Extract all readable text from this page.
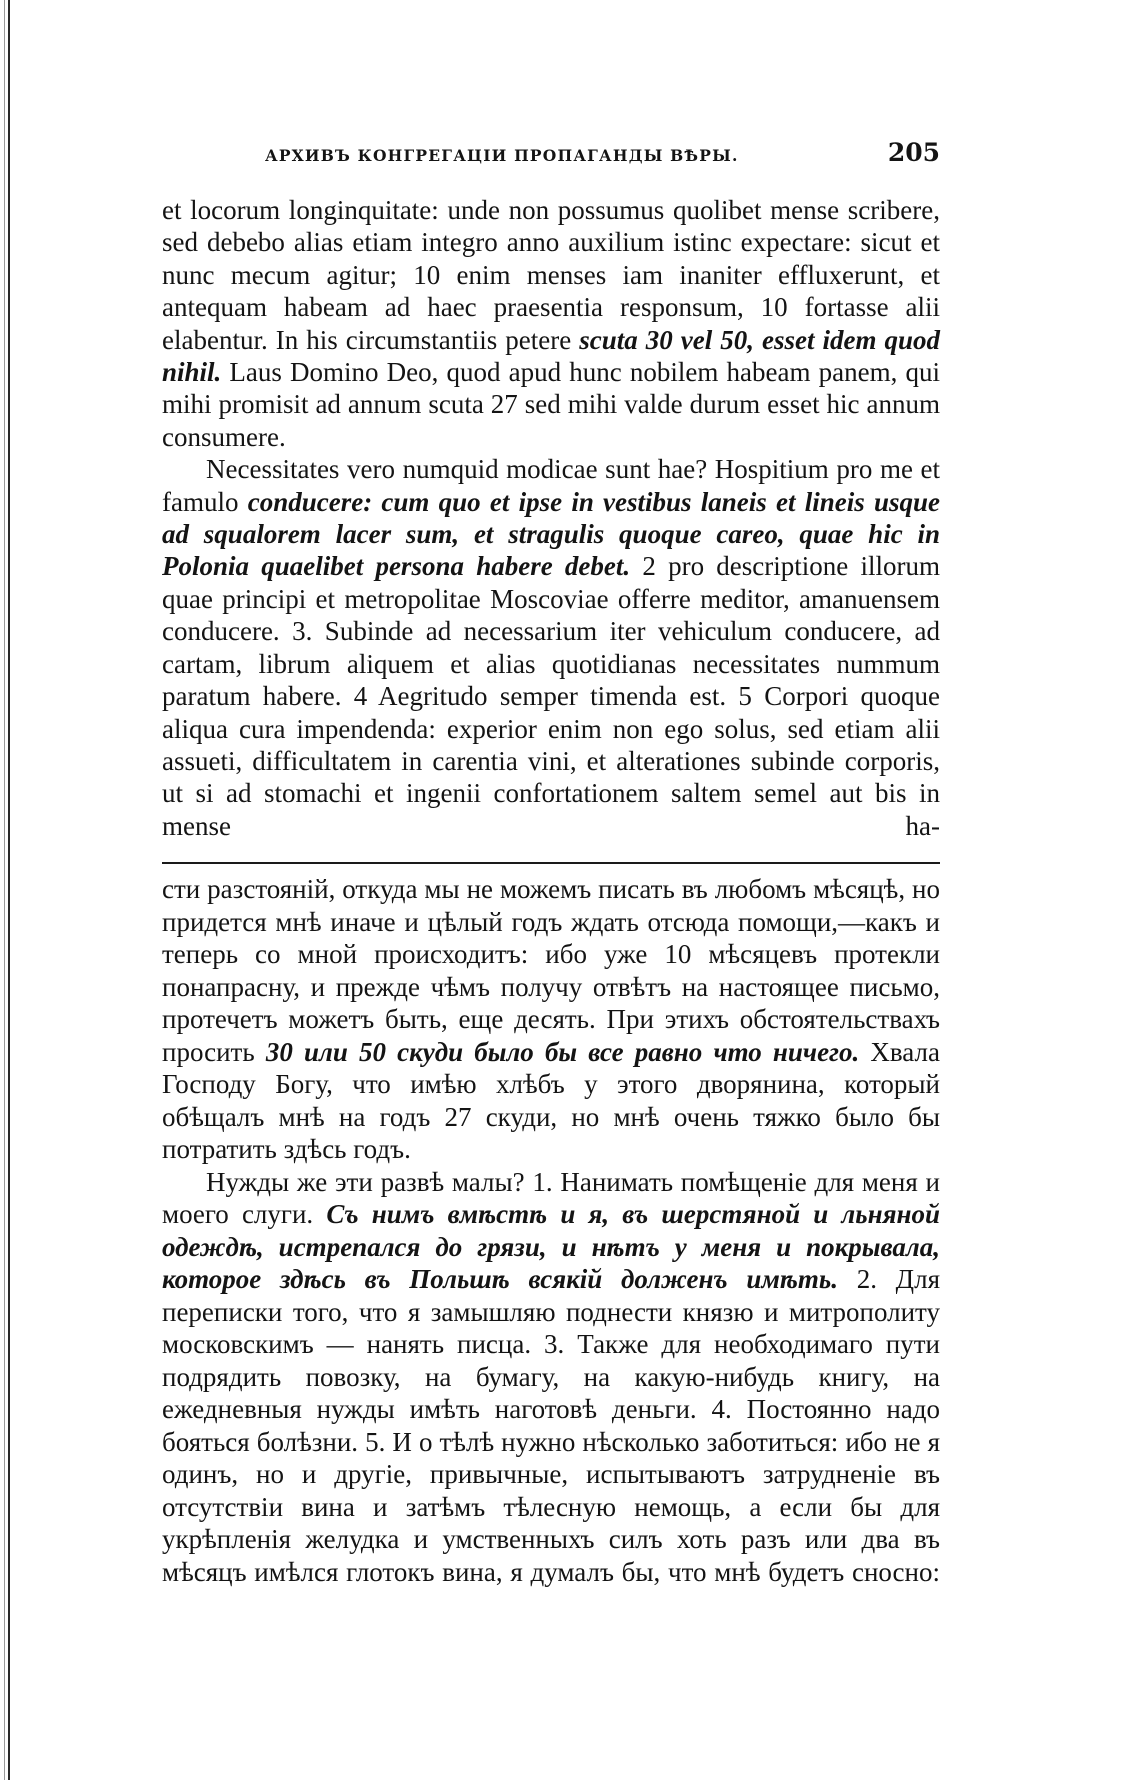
АРХИВЪ КОНГРЕГАЦІИ ПРОПАГАНДЫ ВѢРЫ.	205

et locorum longinquitate: unde non possumus quolibet mense scribere, sed debebo alias etiam integro anno auxilium istinc expectare: sicut et nunc mecum agitur; 10 enim menses iam inaniter effluxerunt, et antequam habeam ad haec praesentia responsum, 10 fortasse alii elabentur. In his circumstantiis petere scuta 30 vel 50, esset idem quod nihil. Laus Domino Deo, quod apud hunc nobilem habeam panem, qui mihi promisit ad annum scuta 27 sed mihi valde durum esset hic annum consumere.

Necessitates vero numquid modicae sunt hae? Hospitium pro me et famulo conducere: cum quo et ipse in vestibus laneis et lineis usque ad squalorem lacer sum, et stragulis quoque careo, quae hic in Polonia quaelibet persona habere debet. 2 pro descriptione illorum quae principi et metropolitae Moscoviae offerre meditor, amanuensem conducere. 3. Subinde ad necessarium iter vehiculum conducere, ad cartam, librum aliquem et alias quotidianas necessitates nummum paratum habere. 4 Aegritudo semper timenda est. 5 Corpori quoque aliqua cura impendenda: experior enim non ego solus, sed etiam alii assueti, difficultatem in carentia vini, et alterationes subinde corporis, ut si ad stomachi et ingenii confortationem saltem semel aut bis in mense ha-

сти разстояній, откуда мы не можемъ писать въ любомъ мѣсяцѣ, но придется мнѣ иначе и цѣлый годъ ждать отсюда помощи,—какъ и теперь со мной происходитъ: ибо уже 10 мѣсяцевъ протекли понапрасну, и прежде чѣмъ получу отвѣтъ на настоящее письмо, протечетъ можетъ быть, еще десять. При этихъ обстоятельствахъ просить 30 или 50 скуди было бы все равно что ничего. Хвала Господу Богу, что имѣю хлѣбъ у этого дворянина, который обѣщалъ мнѣ на годъ 27 скуди, но мнѣ очень тяжко было бы потратить здѣсь годъ.

Нужды же эти развѣ малы? 1. Нанимать помѣщеніе для меня и моего слуги. Съ нимъ вмѣстѣ и я, въ шерстяной и льняной одеждѣ, истрепался до грязи, и нѣтъ у меня и покрывала, которое здѣсь въ Польшѣ всякій долженъ имѣть. 2. Для переписки того, что я замышляю поднести князю и митрополиту московскимъ — нанять писца. 3. Также для необходимаго пути подрядить повозку, на бумагу, на какую-нибудь книгу, на ежедневныя нужды имѣть наготовѣ деньги. 4. Постоянно надо бояться болѣзни. 5. И о тѣлѣ нужно нѣсколько заботиться: ибо не я одинъ, но и другіе, привычные, испытываютъ затрудненіе въ отсутствіи вина и затѣмъ тѣлесную немощь, а если бы для укрѣпленія желудка и умственныхъ силъ хоть разъ или два въ мѣсяцъ имѣлся глотокъ вина, я думалъ бы, что мнѣ будетъ сносно:
